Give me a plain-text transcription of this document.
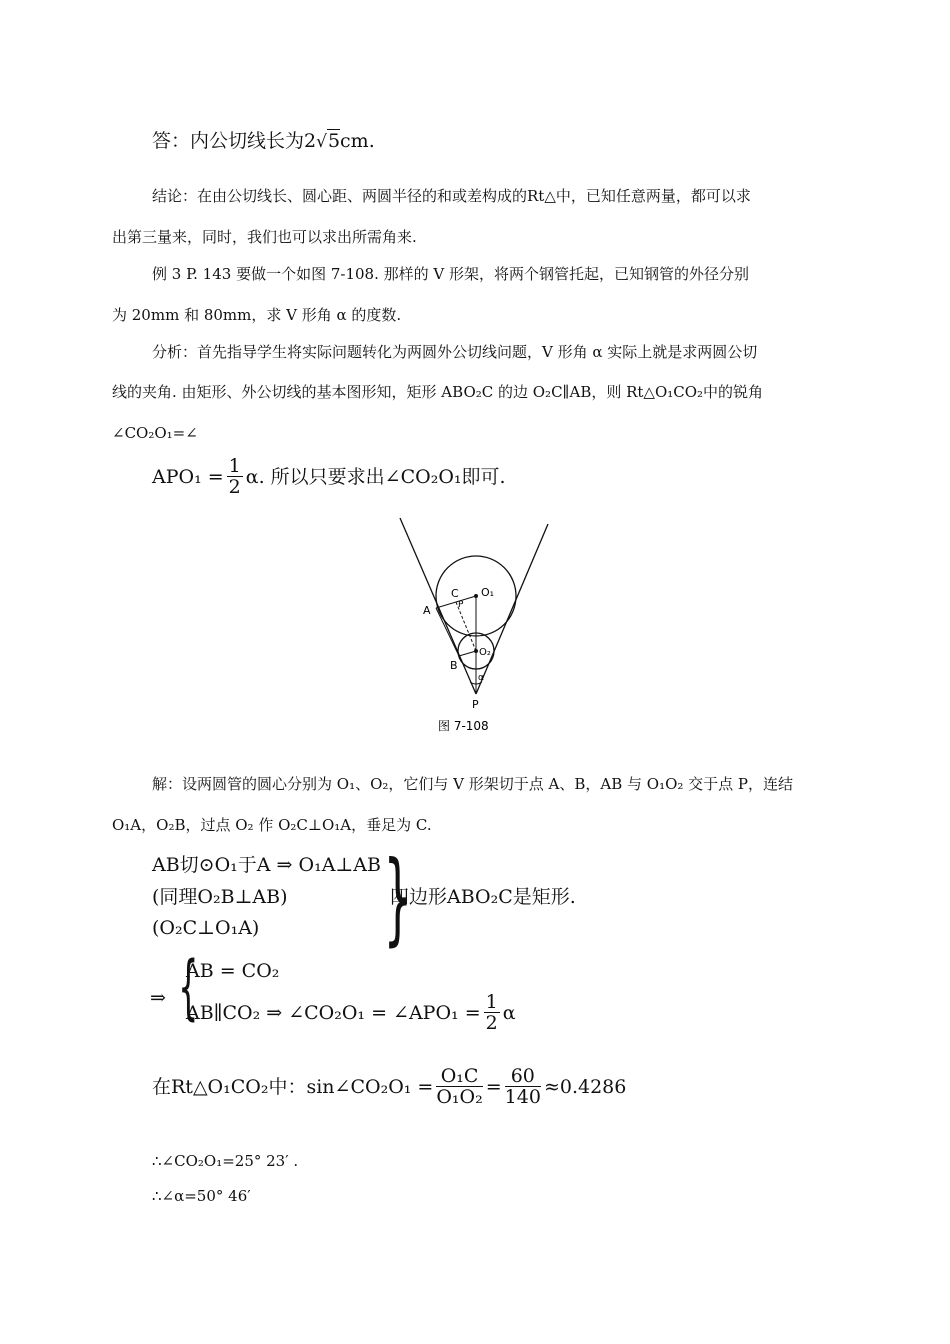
答：内公切线长为2√5cm.
结论：在由公切线长、圆心距、两圆半径的和或差构成的Rt△中，已知任意两量，都可以求
出第三量来，同时，我们也可以求出所需角来.
例 3 P. 143 要做一个如图 7-108. 那样的 V 形架，将两个钢管托起，已知钢管的外径分别
为 20mm 和 80mm，求 V 形角 α 的度数.
分析：首先指导学生将实际问题转化为两圆外公切线问题，V 形角 α 实际上就是求两圆公切
线的夹角. 由矩形、外公切线的基本图形知，矩形 ABO₂C 的边 O₂C∥AB，则 Rt△O₁CO₂中的锐角
∠CO₂O₁=∠
$APO_1 = \frac{1}{2} \alpha$. 所以只要求出∠CO₂O₁即可.
C O₁
A	P
O₂
B
α
P
图 7-108
解：设两圆管的圆心分别为 O₁、O₂，它们与 V 形架切于点 A、B，AB 与 O₁O₂ 交于点 P，连结
O₁A，O₂B，过点 O₂ 作 O₂C⊥O₁A，垂足为 C.
AB切⊙O₁于A ⇒ O₁A⊥AB
(同理O₂B⊥AB)
(O₂C⊥O₁A) }
四边形ABO₂C是矩形.
⇒ {
AB = CO₂
AB∥CO₂ ⇒ ∠CO₂O₁ = ∠APO₁ = $\frac{1}{2}$ α
在Rt△O₁CO₂中：sin∠CO₂O₁ = $\frac{\text{O₁C}}{\text{O₁O₂}} = \frac{60}{140} \approx 0.4286$
∴∠CO₂O₁=25° 23′ .
∴∠α=50° 46′
